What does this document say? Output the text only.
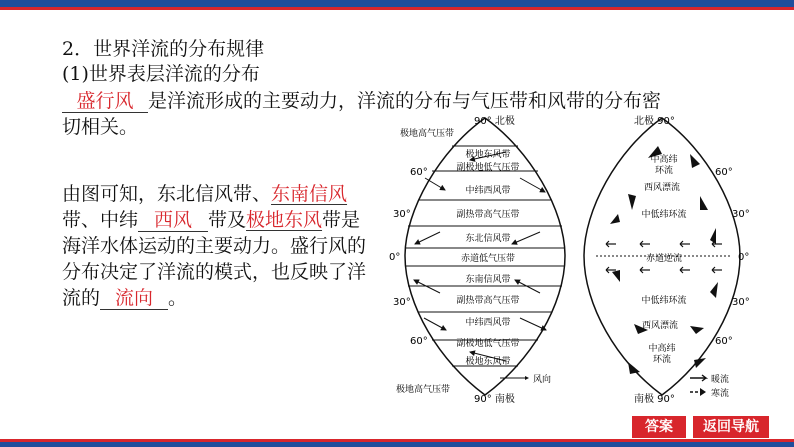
2．世界洋流的分布规律
(1)世界表层洋流的分布
盛行风 是洋流形成的主要动力，洋流的分布与气压带和风带的分布密
切相关。
由图可知，东北信风带、东南信风
带、中纬 西风 带及极地东风带是
海洋水体运动的主要动力。盛行风的
分布决定了洋流的模式，也反映了洋
流的 流向 。
90° 北极
极地高气压带
90° 南极
极地高气压带
60°
30°
0°
30°
60°
极地东风带
副极地低气压带
中纬西风带
副热带高气压带
东北信风带
赤道低气压带
东南信风带
副热带高气压带
中纬西风带
副极地低气压带
极地东风带
风向	暖流
寒流
北极 90°
南极 90°
60°
30°
0°
30°
60°
中高纬
环流
西风漂流
中低纬环流
赤道逆流
中低纬环流
西风漂流
中高纬
环流
答案	返回导航
